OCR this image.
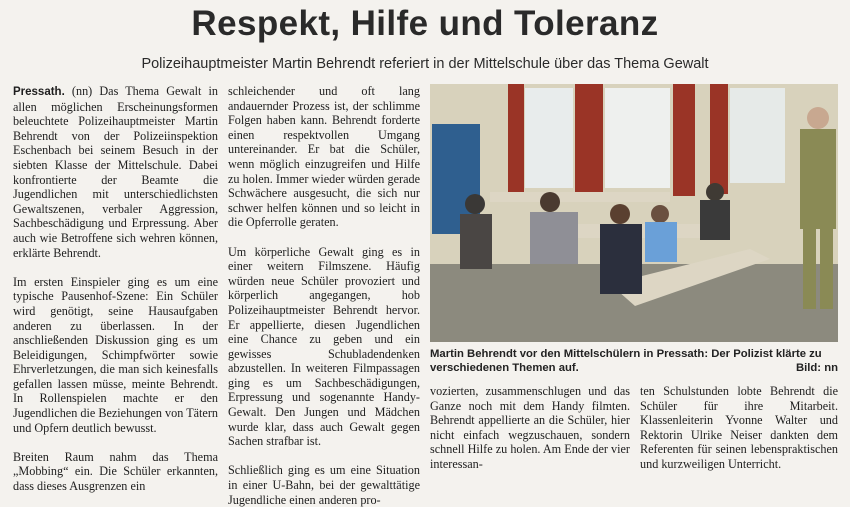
Respekt, Hilfe und Toleranz
Polizeihauptmeister Martin Behrendt referiert in der Mittelschule über das Thema Gewalt

Pressath. (nn) Das Thema Gewalt in allen möglichen Erscheinungsformen beleuchtete Polizeihauptmeister Martin Behrendt von der Polizeiinspektion Eschenbach bei seinem Besuch in der siebten Klasse der Mittelschule. Dabei konfrontierte der Beamte die Jugendlichen mit unterschiedlichsten Gewaltszenen, verbaler Aggression, Sachbeschädigung und Erpressung. Aber auch wie Betroffene sich wehren können, erklärte Behrendt.

Im ersten Einspieler ging es um eine typische Pausenhof-Szene: Ein Schüler wird genötigt, seine Hausaufgaben anderen zu überlassen. In der anschließenden Diskussion ging es um Beleidigungen, Schimpfwörter sowie Ehrverletzungen, die man sich keinesfalls gefallen lassen müsse, meinte Behrendt. In Rollenspielen machte er den Jugendlichen die Beziehungen von Tätern und Opfern deutlich bewusst.

Breiten Raum nahm das Thema „Mobbing“ ein. Die Schüler erkannten, dass dieses Ausgrenzen ein

schleichender und oft lang andauernder Prozess ist, der schlimme Folgen haben kann. Behrendt forderte einen respektvollen Umgang untereinander. Er bat die Schüler, wenn möglich einzugreifen und Hilfe zu holen. Immer wieder würden gerade Schwächere ausgesucht, die sich nur schwer helfen können und so leicht in die Opferrolle geraten.

Um körperliche Gewalt ging es in einer weitern Filmszene. Häufig würden neue Schüler provoziert und körperlich angegangen, hob Polizeihauptmeister Behrendt hervor. Er appellierte, diesen Jugendlichen eine Chance zu geben und ein gewisses Schubladendenken abzustellen. In weiteren Filmpassagen ging es um Sachbeschädigungen, Erpressung und sogenannte Handy-Gewalt. Den Jungen und Mädchen wurde klar, dass auch Gewalt gegen Sachen strafbar ist.

Schließlich ging es um eine Situation in einer U-Bahn, bei der gewalttätige Jugendliche einen anderen pro-

Martin Behrendt vor den Mittelschülern in Pressath: Der Polizist klärte zu verschiedenen Themen auf.	Bild: nn

vozierten, zusammenschlugen und das Ganze noch mit dem Handy filmten. Behrendt appellierte an die Schüler, hier nicht einfach wegzuschauen, sondern schnell Hilfe zu holen. Am Ende der vier interessan-

ten Schulstunden lobte Behrendt die Schüler für ihre Mitarbeit. Klassenleiterin Yvonne Walter und Rektorin Ulrike Neiser dankten dem Referenten für seinen lebenspraktischen und kurzweiligen Unterricht.
